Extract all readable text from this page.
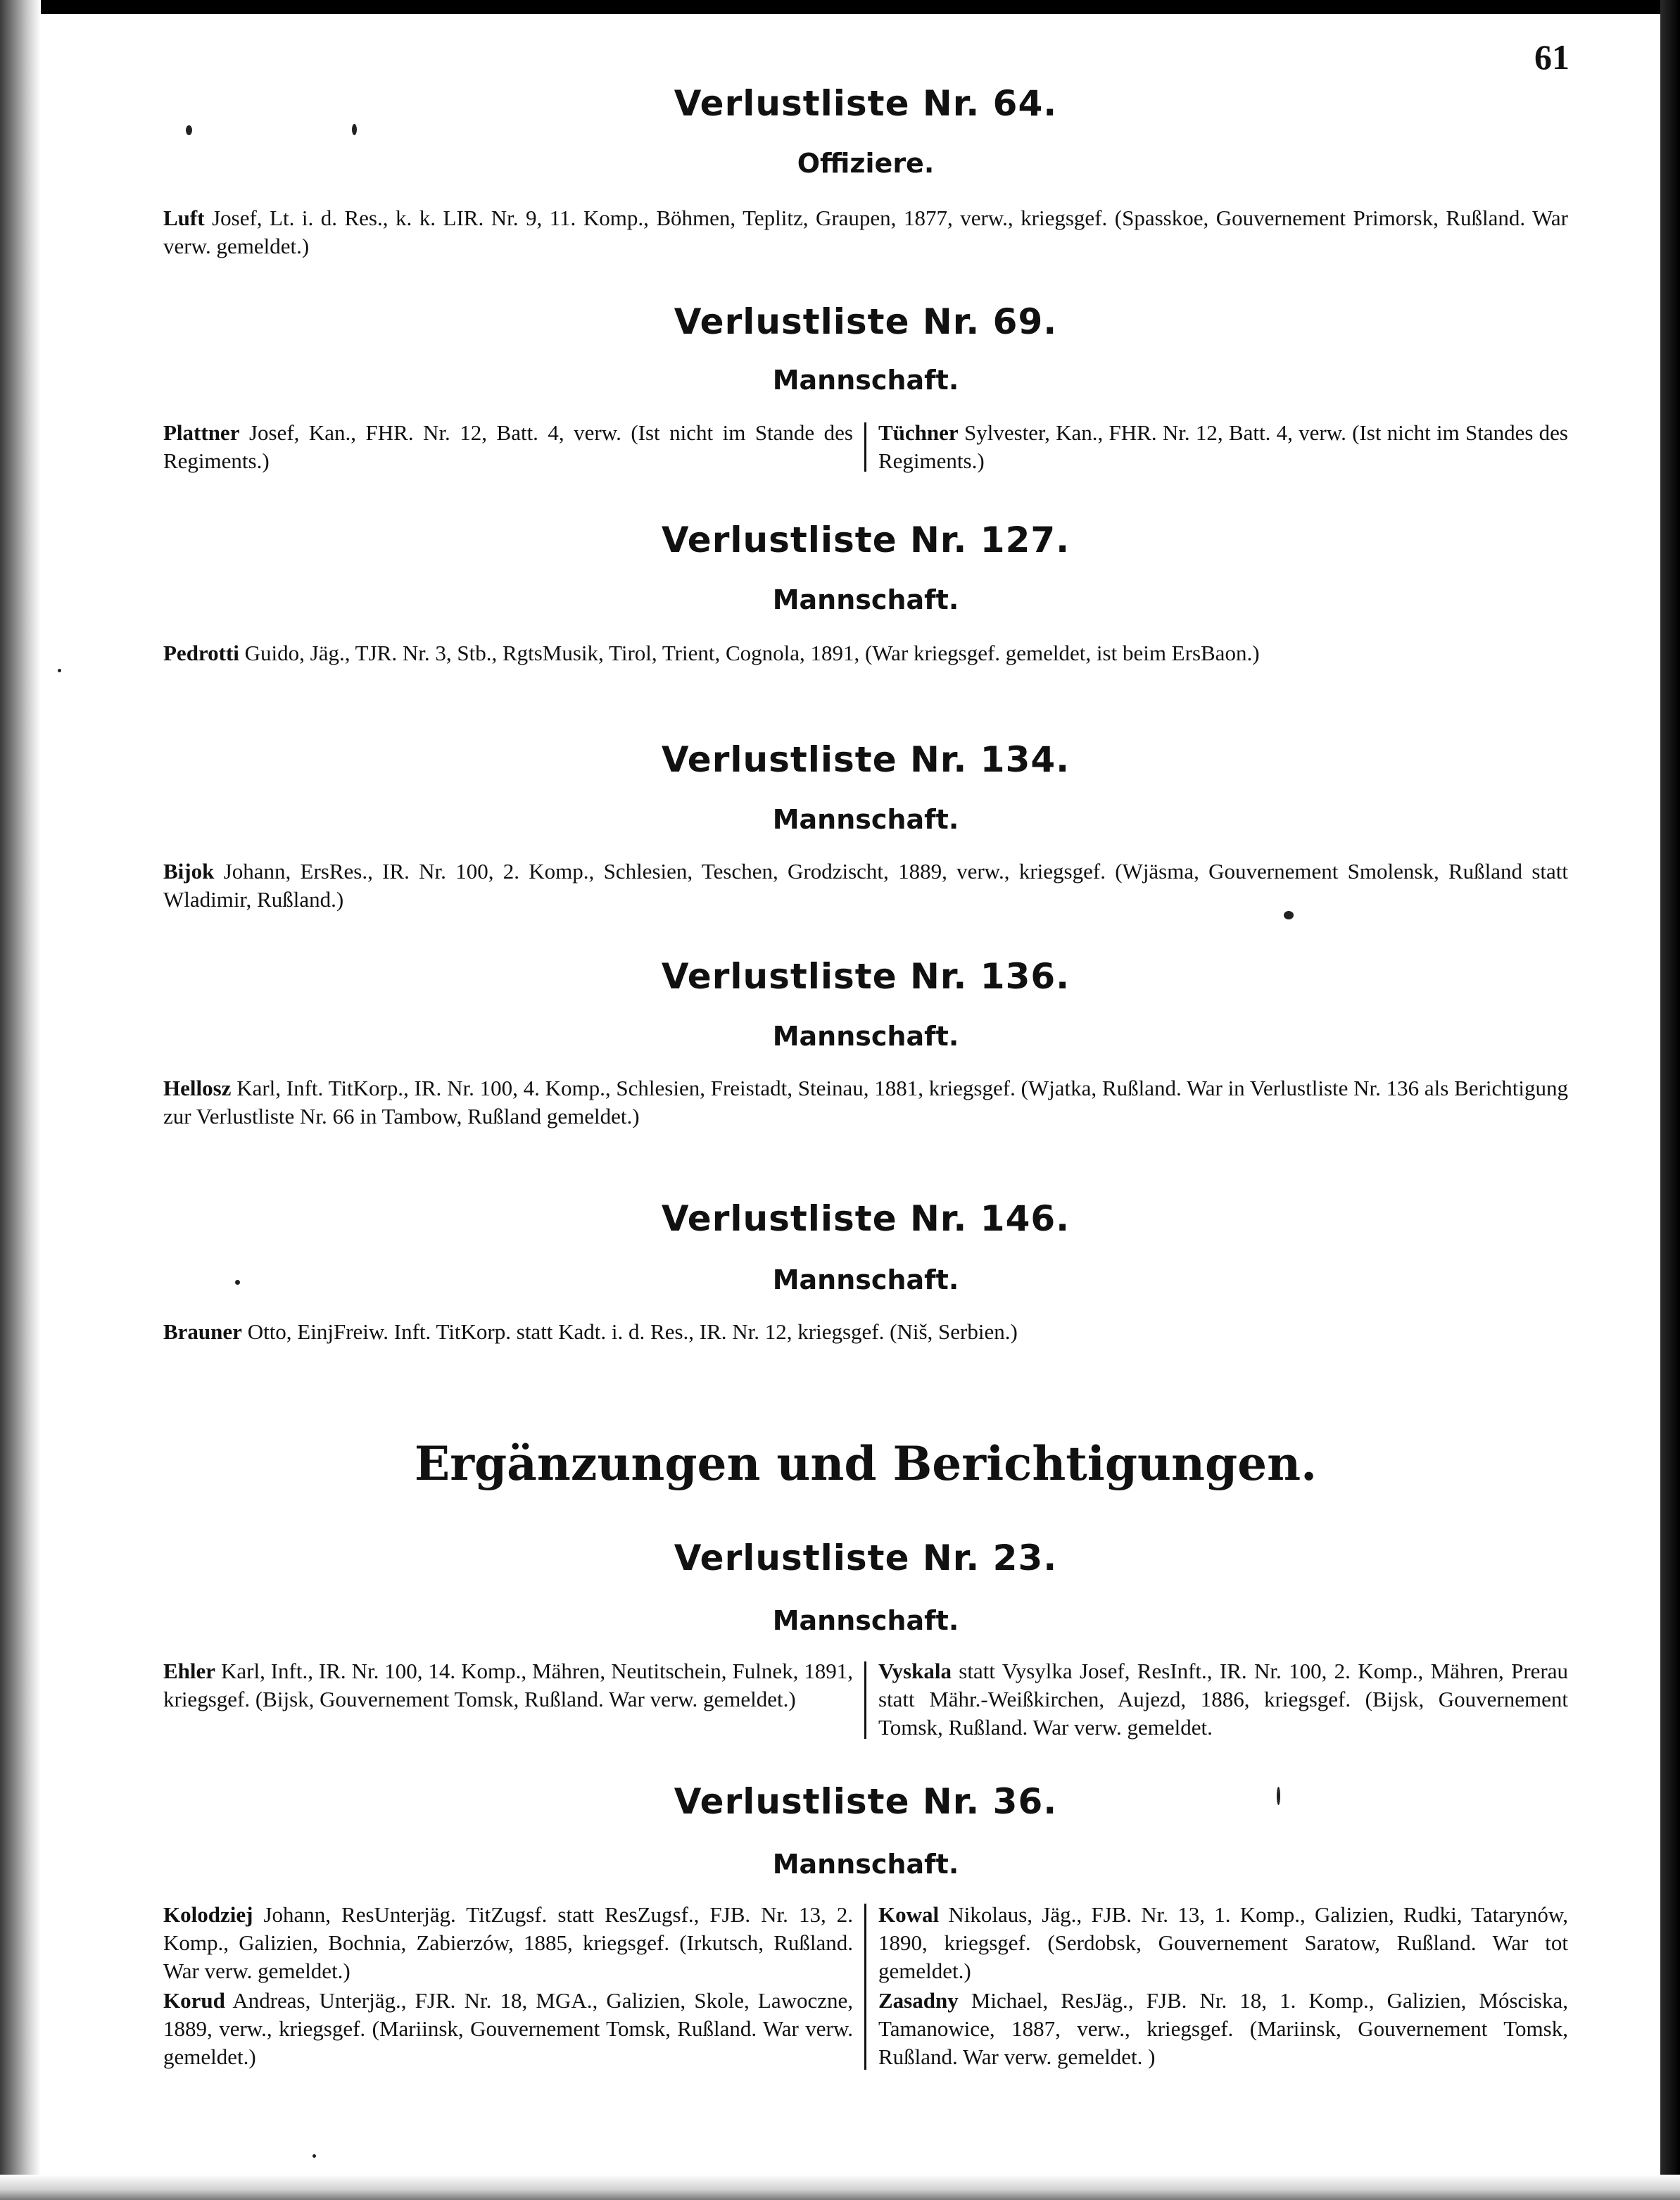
61
Verlustliste Nr. 64.
Offiziere.
Luft Josef, Lt. i. d. Res., k. k. LIR. Nr. 9, 11. Komp., Böhmen, Teplitz, Graupen, 1877, verw., kriegsgef. (Spasskoe, Gouvernement Primorsk, Rußland. War verw. gemeldet.)
Verlustliste Nr. 69.
Mannschaft.
Plattner Josef, Kan., FHR. Nr. 12, Batt. 4, verw. (Ist nicht im Stande des Regiments.)
Tüchner Sylvester, Kan., FHR. Nr. 12, Batt. 4, verw. (Ist nicht im Standes des Regiments.)
Verlustliste Nr. 127.
Mannschaft.
Pedrotti Guido, Jäg., TJR. Nr. 3, Stb., RgtsMusik, Tirol, Trient, Cognola, 1891, (War kriegsgef. gemeldet, ist beim ErsBaon.)
Verlustliste Nr. 134.
Mannschaft.
Bijok Johann, ErsRes., IR. Nr. 100, 2. Komp., Schlesien, Teschen, Grodzischt, 1889, verw., kriegsgef. (Wjäsma, Gouvernement Smolensk, Rußland statt Wladimir, Rußland.)
Verlustliste Nr. 136.
Mannschaft.
Hellosz Karl, Inft. TitKorp., IR. Nr. 100, 4. Komp., Schlesien, Freistadt, Steinau, 1881, kriegsgef. (Wjatka, Rußland. War in Verlustliste Nr. 136 als Berichtigung zur Verlustliste Nr. 66 in Tambow, Rußland gemeldet.)
Verlustliste Nr. 146.
Mannschaft.
Brauner Otto, EinjFreiw. Inft. TitKorp. statt Kadt. i. d. Res., IR. Nr. 12, kriegsgef. (Niš, Serbien.)
Ergänzungen und Berichtigungen.
Verlustliste Nr. 23.
Mannschaft.
Ehler Karl, Inft., IR. Nr. 100, 14. Komp., Mähren, Neutitschein, Fulnek, 1891, kriegsgef. (Bijsk, Gouvernement Tomsk, Rußland. War verw. gemeldet.)
Vyskala statt Vysylka Josef, ResInft., IR. Nr. 100, 2. Komp., Mähren, Prerau statt Mähr.-Weißkirchen, Aujezd, 1886, kriegsgef. (Bijsk, Gouvernement Tomsk, Rußland. War verw. gemeldet.
Verlustliste Nr. 36.
Mannschaft.
Kolodziej Johann, ResUnterjäg. TitZugsf. statt ResZugsf., FJB. Nr. 13, 2. Komp., Galizien, Bochnia, Zabierzów, 1885, kriegsgef. (Irkutsch, Rußland. War verw. gemeldet.)
Korud Andreas, Unterjäg., FJR. Nr. 18, MGA., Galizien, Skole, Lawoczne, 1889, verw., kriegsgef. (Mariinsk, Gouvernement Tomsk, Rußland. War verw. gemeldet.)
Kowal Nikolaus, Jäg., FJB. Nr. 13, 1. Komp., Galizien, Rudki, Tatarynów, 1890, kriegsgef. (Serdobsk, Gouvernement Saratow, Rußland. War tot gemeldet.)
Zasadny Michael, ResJäg., FJB. Nr. 18, 1. Komp., Galizien, Mósciska, Tamanowice, 1887, verw., kriegsgef. (Mariinsk, Gouvernement Tomsk, Rußland. War verw. gemeldet. )
